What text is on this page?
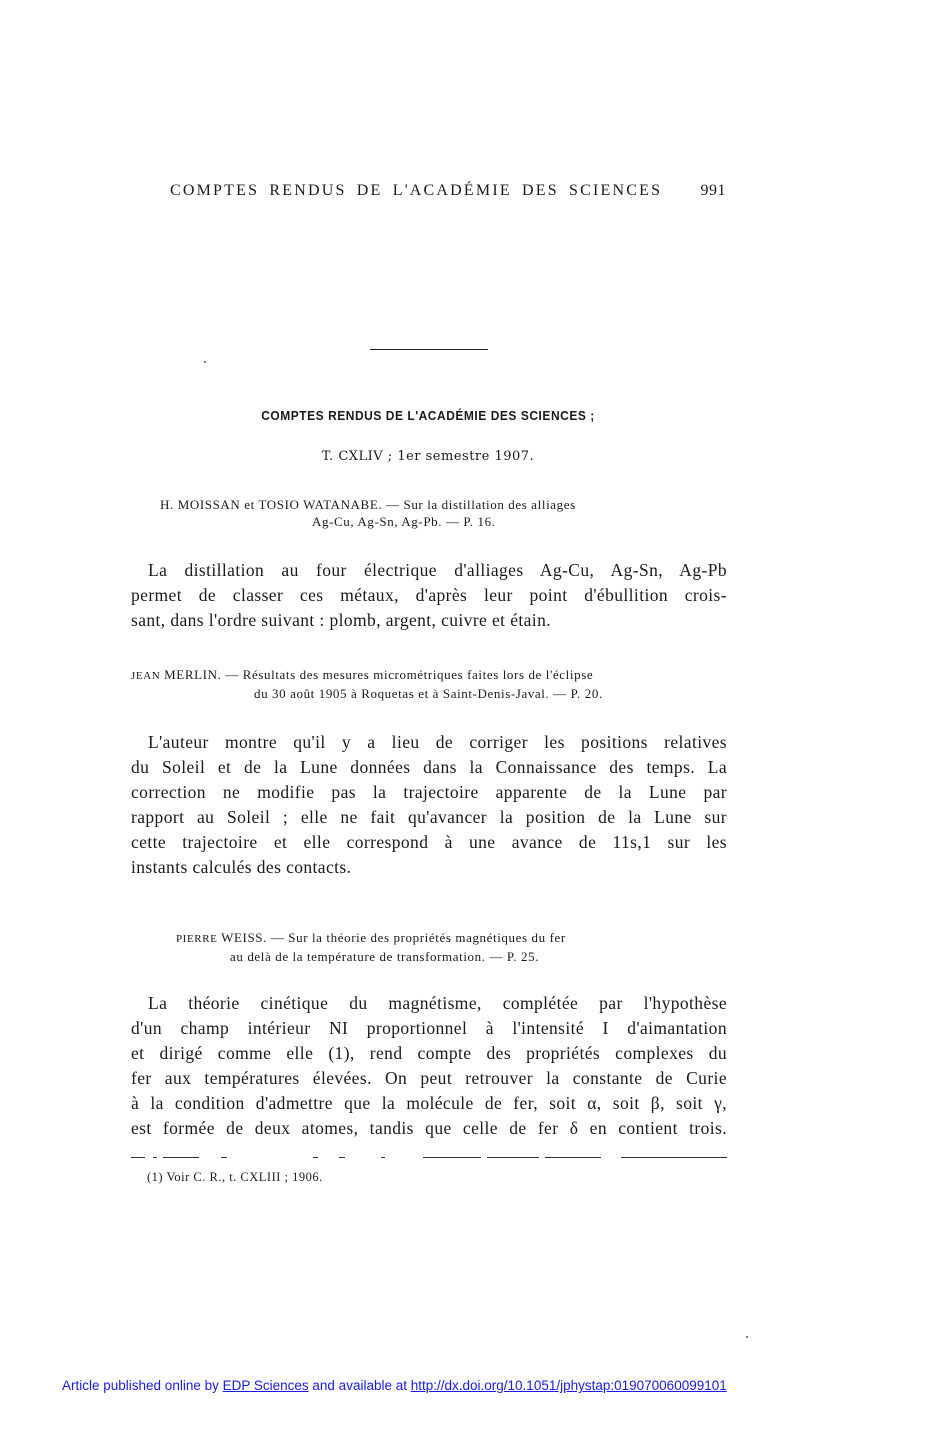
COMPTES RENDUS DE L'ACADÉMIE DES SCIENCES 991
COMPTES RENDUS DE L'ACADÉMIE DES SCIENCES ;
T. CXLIV ; 1er semestre 1907.
H. MOISSAN et TOSIO WATANABE. — Sur la distillation des alliages
Ag-Cu, Ag-Sn, Ag-Pb. — P. 16.
La distillation au four électrique d'alliages Ag-Cu, Ag-Sn, Ag-Pb
permet de classer ces métaux, d'après leur point d'ébullition crois-
sant, dans l'ordre suivant : plomb, argent, cuivre et étain.
JEAN MERLIN. — Résultats des mesures micrométriques faites lors de l'éclipse
du 30 août 1905 à Roquetas et à Saint-Denis-Javal. — P. 20.
L'auteur montre qu'il y a lieu de corriger les positions relatives
du Soleil et de la Lune données dans la Connaissance des temps. La
correction ne modifie pas la trajectoire apparente de la Lune par
rapport au Soleil ; elle ne fait qu'avancer la position de la Lune sur
cette trajectoire et elle correspond à une avance de 11s,1 sur les
instants calculés des contacts.
PIERRE WEISS. — Sur la théorie des propriétés magnétiques du fer
au delà de la température de transformation. — P. 25.
La théorie cinétique du magnétisme, complétée par l'hypothèse
d'un champ intérieur NI proportionnel à l'intensité I d'aimantation
et dirigé comme elle (1), rend compte des propriétés complexes du
fer aux températures élevées. On peut retrouver la constante de Curie
à la condition d'admettre que la molécule de fer, soit α, soit β, soit γ,
est formée de deux atomes, tandis que celle de fer δ en contient trois.
(1) Voir C. R., t. CXLIII ; 1906.
Article published online by EDP Sciences and available at http://dx.doi.org/10.1051/jphystap:019070060099101
